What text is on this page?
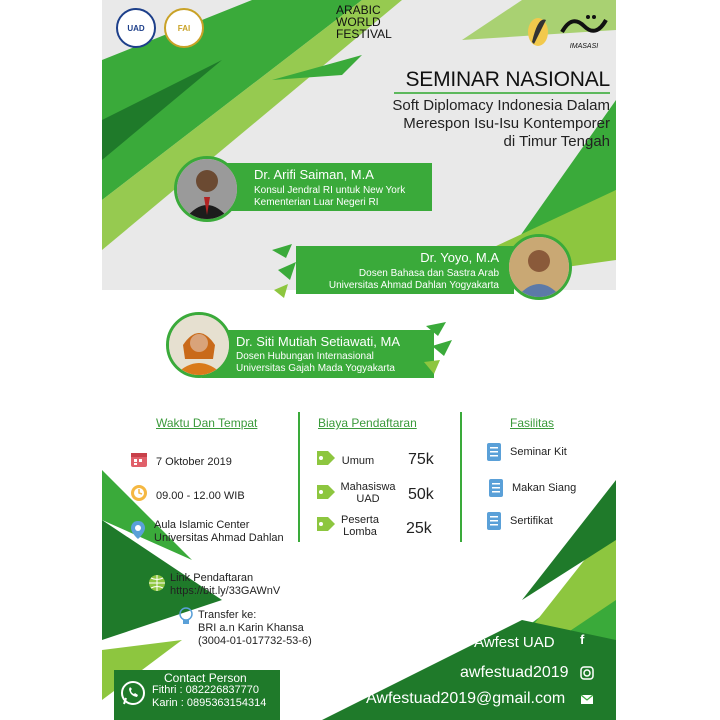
UAD	FAI
ARABIC
WORLD
FESTIVAL
IMASASI
SEMINAR NASIONAL
Soft Diplomacy Indonesia Dalam
Merespon Isu-Isu Kontemporer
di Timur Tengah
Dr. Arifi Saiman, M.A
Konsul Jendral RI untuk New York
Kementerian Luar Negeri RI
Dr. Yoyo, M.A
Dosen Bahasa dan Sastra Arab
Universitas Ahmad Dahlan Yogyakarta
Dr. Siti Mutiah Setiawati, MA
Dosen Hubungan Internasional
Universitas Gajah Mada Yogyakarta
Waktu Dan Tempat
7 Oktober 2019
09.00 - 12.00 WIB
Aula Islamic Center
Universitas Ahmad Dahlan
Biaya Pendaftaran
Umum	75k
Mahasiswa
UAD	50k
Peserta
Lomba	25k
Fasilitas
Seminar Kit
Makan Siang
Sertifikat
Link Pendaftaran
https://bit.ly/33GAWnV
Transfer ke:
BRI a.n Karin Khansa
(3004-01-017732-53-6)
Contact Person
Fithri : 082226837770
Karin : 0895363154314
Awfest UAD f
awfestuad2019
Awfestuad2019@gmail.com
